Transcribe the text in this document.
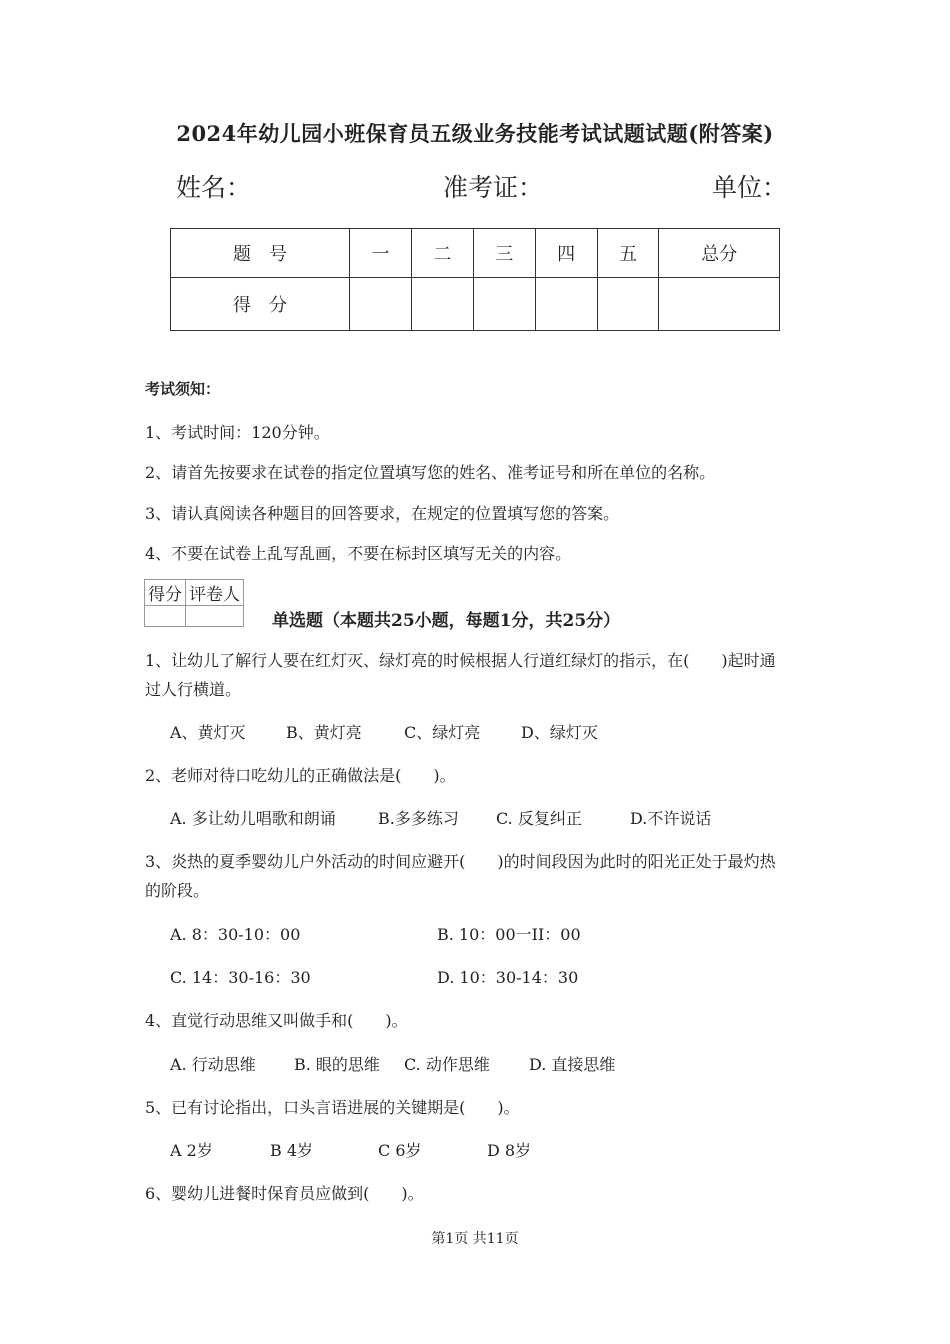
2024年幼儿园小班保育员五级业务技能考试试题试题(附答案)
姓名：	准考证：	单位：
题　号	一	二	三	四	五	总分
得　分						
考试须知：
1、考试时间：120分钟。
2、请首先按要求在试卷的指定位置填写您的姓名、准考证号和所在单位的名称。
3、请认真阅读各种题目的回答要求，在规定的位置填写您的答案。
4、不要在试卷上乱写乱画，不要在标封区填写无关的内容。
得分	评卷人

单选题（本题共25小题，每题1分，共25分）
1、让幼儿了解行人要在红灯灭、绿灯亮的时候根据人行道红绿灯的指示，在(　　)起时通
过人行横道。
A、黄灯灭	B、黄灯亮	C、绿灯亮	D、绿灯灭
2、老师对待口吃幼儿的正确做法是(　　)。
A. 多让幼儿唱歌和朗诵	B.多多练习 C. 反复纠正	D.不许说话
3、炎热的夏季婴幼儿户外活动的时间应避开(　　)的时间段因为此时的阳光正处于最灼热
的阶段。
A. 8：30-10：00	B. 10：00一II：00
C. 14：30-16：30	D. 10：30-14：30
4、直觉行动思维又叫做手和(　　)。
A. 行动思维 B. 眼的思维 C. 动作思维 D. 直接思维
5、已有讨论指出，口头言语进展的关键期是(　　)。
A 2岁	B 4岁	C 6岁	D 8岁
6、婴幼儿进餐时保育员应做到(　　)。
第1页 共11页
